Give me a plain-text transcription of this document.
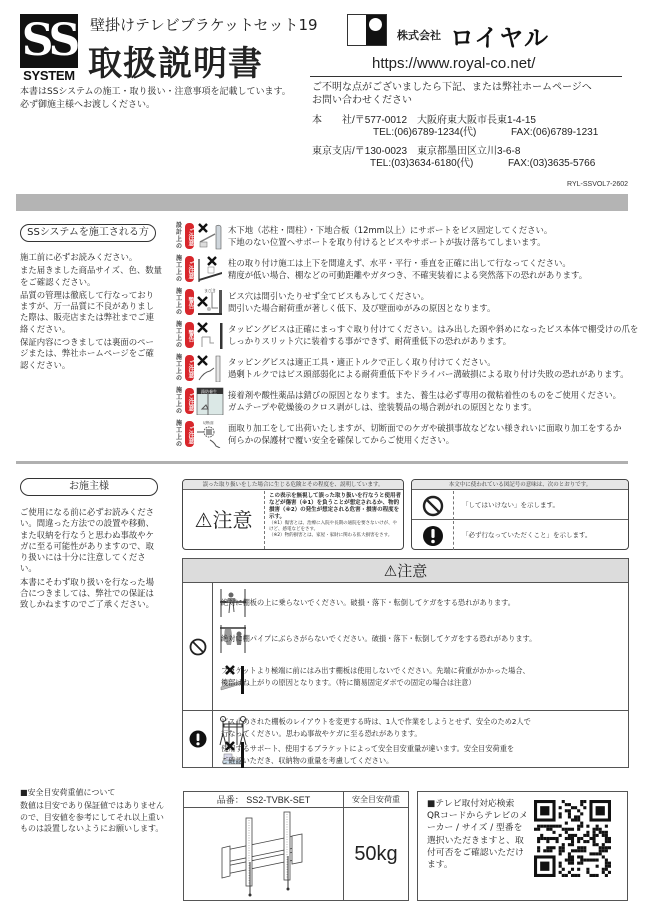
SS
SYSTEM
壁掛けテレビブラケットセット19
取扱説明書
本書はSSシステムの施工・取り扱い・注意事項を記載しています。
必ず御施主様へお渡しください。
株式会社 ロイヤル
https://www.royal-co.net/
ご不明な点がございましたら下記、または弊社ホームページへ
お問い合わせください
本　　社/〒577-0012　大阪府東大阪市長東1-4-15
TEL:(06)6789-1234(代)	FAX:(06)6789-1231
東京支店/〒130-0023　東京都墨田区立川3-6-8
TEL:(03)3634-6180(代)	FAX:(03)3635-5766
RYL-SSVOL7-2602
SSシステムを施工される方

施工前に必ずお読みください。

また届きました商品サイズ、色、数量をご確認ください。

品質の管理は徹底して行なっておりますが、万一品質に不良がありました際は、販売店または弊社までご連絡ください。

保証内容につきましては裏面のページまたは、弊社ホームページをご確認ください。

設計上の
ご注意	木下地（芯柱・間柱）・下地合板（12mm以上）にサポートをビス固定してください。
下地のない位置へサポートを取り付けるとビスやサポートが抜け落ちてしまいます。
施工上の
ご注意	柱の取り付け施工は上下を間違えず、水平・平行・垂直を正確に出して行なってください。
精度が低い場合、棚などの可動距離やガタつき、不確実装着による突然落下の恐れがあります。
施工上の
警告
まびき
ビス穴は間引いたりせず全てビスもみしてください。
間引いた場合耐荷重が著しく低下、及び壁面ゆがみの原因となります。
施工上の
警告
タッピングビスは正確にまっすぐ取り付けてください。はみ出した頭や斜めになったビス本体で棚受けの爪を
しっかりスリット穴に装着する事ができず、耐荷重低下の恐れがあります。
施工上の
ご注意	タッピングビスは適正工具・適正トルクで正しく取り付けてください。
過剰トルクではビス頭部弱化による耐荷重低下やドライバー溝破損による取り付け失敗の恐れがあります。
施工上の
ご注意
錆防養生 接着剤や酸性薬品は錆びの原因となります。また、養生は必ず専用の微粘着性のものをご使用ください。
ガムテープや乾燥後のクロス剥がしは、塗装製品の場合剥がれの原因となります。
施工上の
ご注意
切断面 面取り加工をして出荷いたしますが、切断面でのケガや破損事故などない様きれいに面取り加工をするか
何らかの保護材で覆い安全を確保してからご使用ください。
お施主様

ご使用になる前に必ずお読みください。間違った方法での設置や移動、また収納を行なうと思わぬ事故やケガに至る可能性がありますので、取り扱いには十分に注意してください。

本書にそわず取り扱いを行なった場合につきましては、弊社での保証は致しかねますのでご了承ください。

誤った取り扱いをした場合に生じる危険とその程度を、説明しています。
⚠注意
この表示を無視して誤った取り扱いを行なうと使用者などが傷害（※1）を負うことが想定されるか、物的損害（※2）の発生が想定される危害・損害の程度を示す。
（※1）傷害とは、治療に入院や長期の通院を要さないけが、やけど、感電などをさす。
（※2）物的損害とは、家屋・家財に関わる拡大損害をさす。
本文中に使われている図記号の意味は、次のとおりです。
「してはいけない」を示します。
「必ず行なっていただくこと」を示します。
⚠注意
絶対に棚板の上に乗らないでください。破損・落下・転倒してケガをする恐れがあります。
絶対に棚パイプにぶらさがらないでください。破損・落下・転倒してケガをする恐れがあります。
ブラケットより極端に前にはみ出す棚板は使用しないでください。先端に荷重がかかった場合、
後部はね上がりの原因となります。（特に簡易固定ダボでの固定の場合は注意）
ビス止めされた棚板のレイアウトを変更する時は、1人で作業をしようとせず、安全のため2人で
行なってください。思わぬ事故やケガに至る恐れがあります。
使用するサポート、使用するブラケットによって安全目安重量が違います。安全目安荷重を
ご確認いただき、収納物の重量を考慮してください。
■安全目安荷重値について
数値は目安であり保証値ではありませんので、目安値を参考にしてそれ以上重いものは設置しないようにお願いします。
品番： SS2-TVBK-SET	安全目安荷重
50kg
■テレビ取付対応検索
QRコードからテレビのメーカー / サイズ / 型番を選択いただきますと、取付可否をご確認いただけます。
